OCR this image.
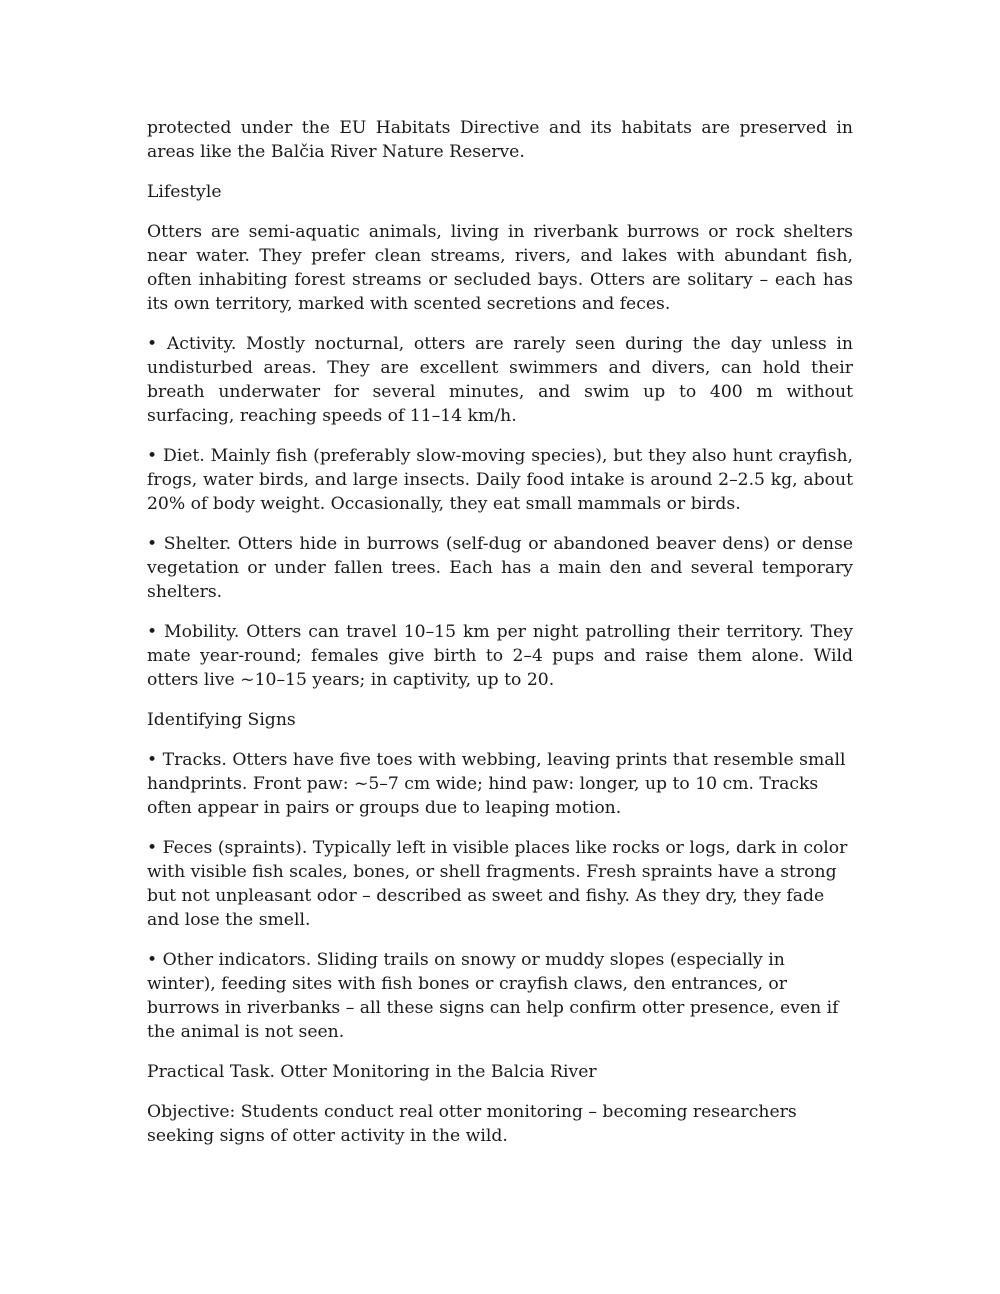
protected under the EU Habitats Directive and its habitats are preserved in areas like the Balčia River Nature Reserve.

Lifestyle

Otters are semi-aquatic animals, living in riverbank burrows or rock shelters near water. They prefer clean streams, rivers, and lakes with abundant fish, often inhabiting forest streams or secluded bays. Otters are solitary – each has its own territory, marked with scented secretions and feces.

• Activity. Mostly nocturnal, otters are rarely seen during the day unless in undisturbed areas. They are excellent swimmers and divers, can hold their breath underwater for several minutes, and swim up to 400 m without surfacing, reaching speeds of 11–14 km/h.

• Diet. Mainly fish (preferably slow-moving species), but they also hunt crayfish, frogs, water birds, and large insects. Daily food intake is around 2–2.5 kg, about 20% of body weight. Occasionally, they eat small mammals or birds.

• Shelter. Otters hide in burrows (self-dug or abandoned beaver dens) or dense vegetation or under fallen trees. Each has a main den and several temporary shelters.

• Mobility. Otters can travel 10–15 km per night patrolling their territory. They mate year-round; females give birth to 2–4 pups and raise them alone. Wild otters live ~10–15 years; in captivity, up to 20.

Identifying Signs

• Tracks. Otters have five toes with webbing, leaving prints that resemble small handprints. Front paw: ~5–7 cm wide; hind paw: longer, up to 10 cm. Tracks often appear in pairs or groups due to leaping motion.

• Feces (spraints). Typically left in visible places like rocks or logs, dark in color with visible fish scales, bones, or shell fragments. Fresh spraints have a strong but not unpleasant odor – described as sweet and fishy. As they dry, they fade and lose the smell.

• Other indicators. Sliding trails on snowy or muddy slopes (especially in winter), feeding sites with fish bones or crayfish claws, den entrances, or burrows in riverbanks – all these signs can help confirm otter presence, even if the animal is not seen.

Practical Task. Otter Monitoring in the Balcia River

Objective: Students conduct real otter monitoring – becoming researchers seeking signs of otter activity in the wild.
